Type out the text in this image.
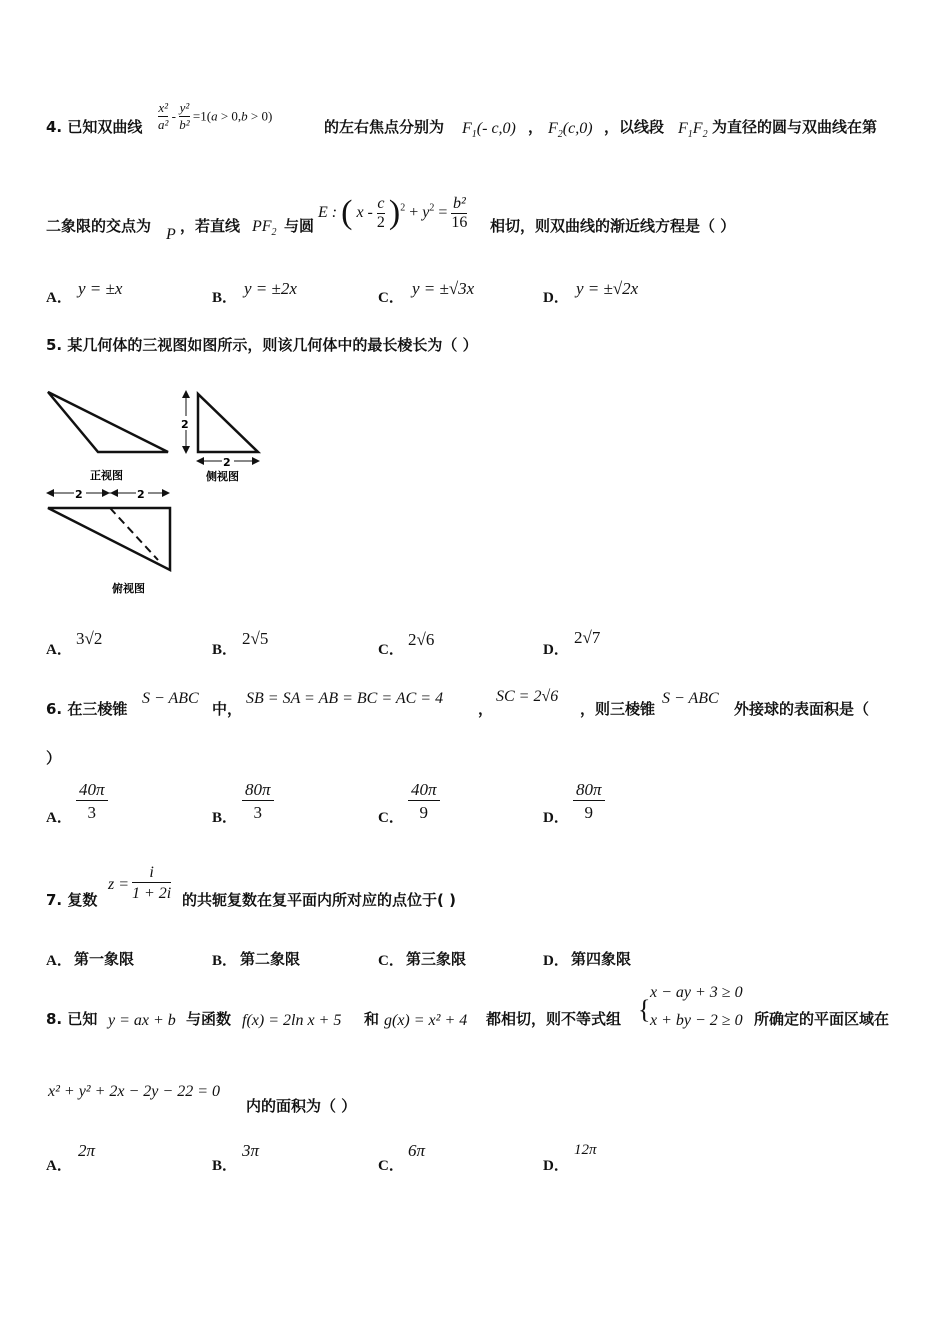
4. 已知双曲线 $\frac{\text{x²}}{\text{a²}} - \frac{\text{y²}}{\text{b²}} =1(a > 0,b > 0)$
的左右焦点分别为 $F_1(-$ c,0) ， $F_2(c,0)$ ，以线段 $F_1F_2$ 为直径的圆与双曲线在第
二象限的交点为 P ，若直线 $PF_2$ 与圆
E : ( $x - \frac{c}{2} )^2 + y^2 = \frac{\text{b²}}{16}$ 相切，则双曲线的渐近线方程是（ ）
A． y = ±x	B． y = ±2x	C． y = ±√3x	D． y = ±√2x
5. 某几何体的三视图如图所示，则该几何体中的最长棱长为（ ）
2
2
正视图	侧视图
2	2
俯视图
A．
3√2
B．
2√5
C．
2√6
D．
2√7
6. 在三棱锥
S − ABC
中，
SB = SA = AB = BC = AC = 4
，
SC = 2√6
，则三棱锥
S − ABC
外接球的表面积是（
）
A． $\frac{40\pi}{3}$	B． $\frac{80\pi}{3}$	C． $\frac{40\pi}{9}$	D． $\frac{80\pi}{9}$
7. 复数
$z = \frac{i}{1 + 2i}$ 的共轭复数在复平面内所对应的点位于( )
A． 第一象限	B． 第二象限	C． 第三象限	D． 第四象限
8. 已知 y = ax + b 与函数 f(x) = 2ln x + 5 和 g(x) = x² + 4 都相切，则不等式组 {
x − ay + 3 ≥ 0
x + by − 2 ≥ 0 所确定的平面区域在
x² + y² + 2x − 2y − 22 = 0
内的面积为（ ）
A．
2π
B．
3π
C．
6π
D．
12π
